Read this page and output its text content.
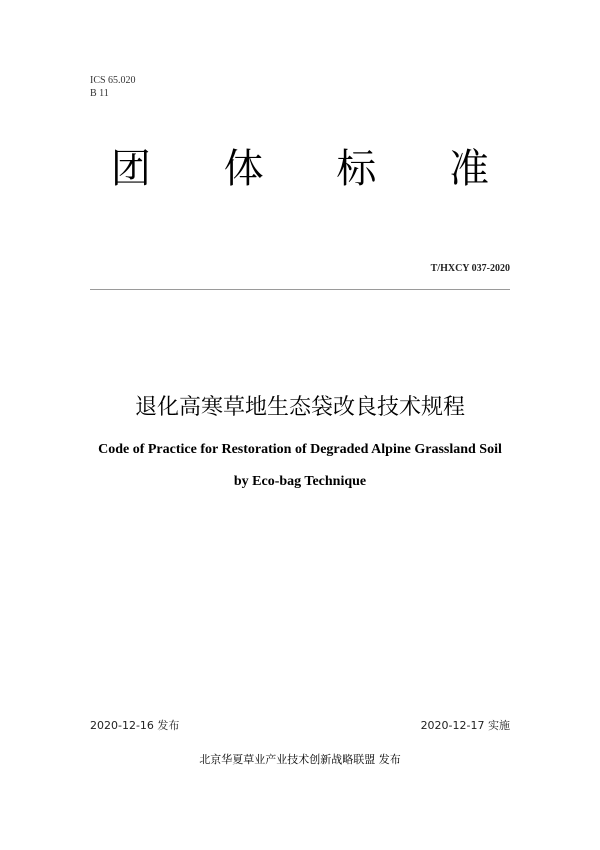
ICS 65.020
B 11
团 体 标 准
T/HXCY 037-2020
退化高寒草地生态袋改良技术规程
Code of Practice for Restoration of Degraded Alpine Grassland Soil
by Eco-bag Technique
2020-12-16 发布	2020-12-17 实施
北京华夏草业产业技术创新战略联盟 发布
